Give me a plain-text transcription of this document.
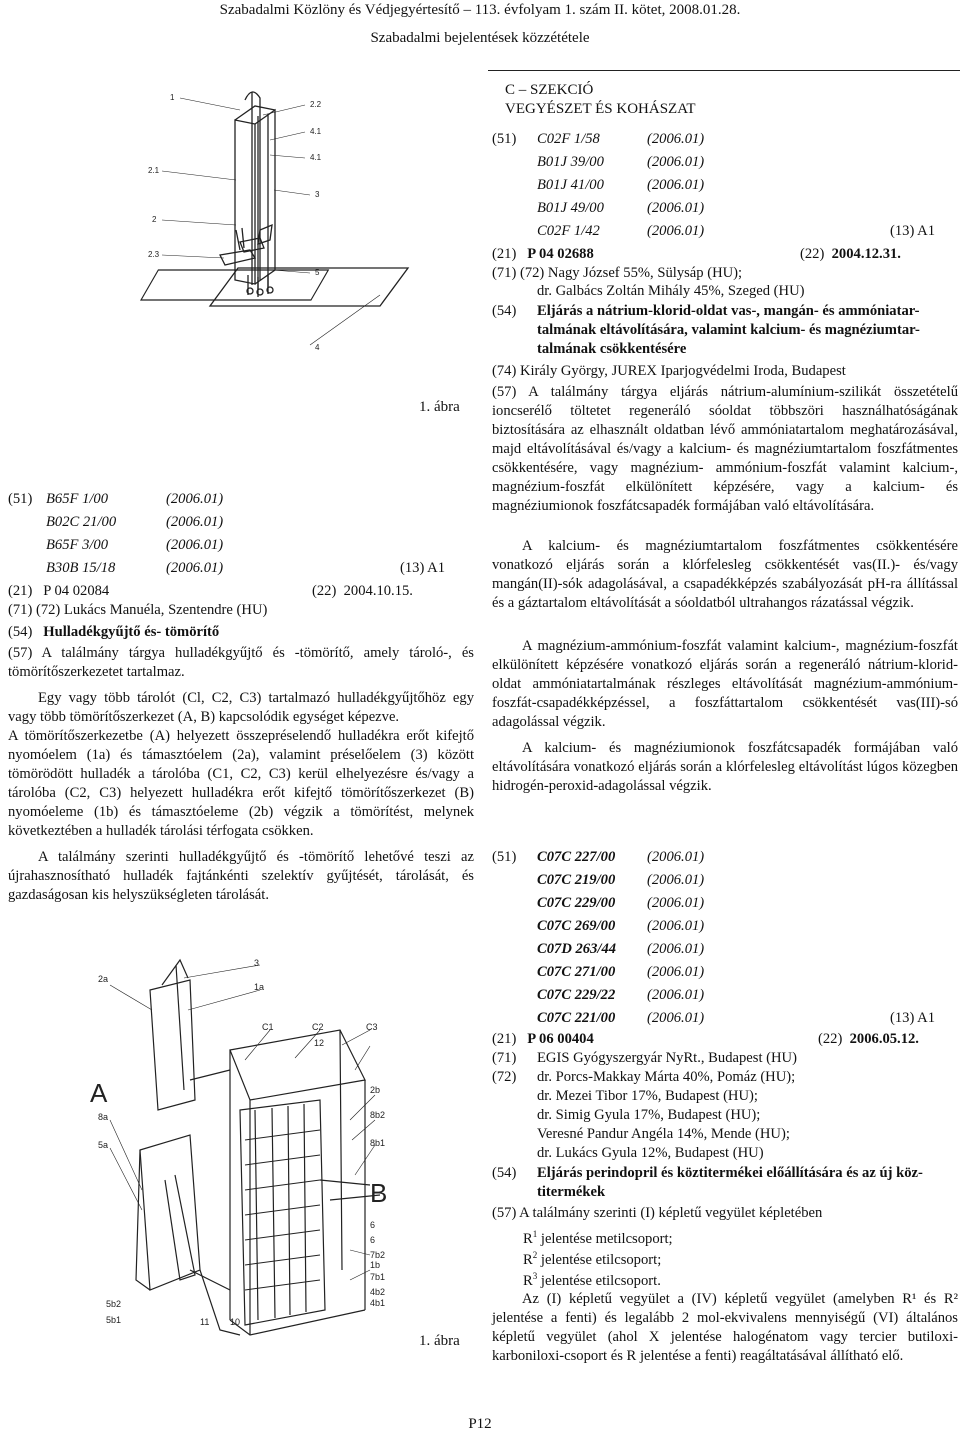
Szabadalmi Közlöny és Védjegyértesítő – 113. évfolyam 1. szám II. kötet, 2008.01.28.
Szabadalmi bejelentések közzététele
1
2.2
4.1
4.1
2.1
3
2
2.3
5
4
1. ábra
(51) B65F 1/00	(2006.01)
B02C 21/00	(2006.01)
B65F 3/00	(2006.01)
B30B 15/18	(2006.01)	(13) A1
(21) P 04 02084	(22) 2004.10.15.
(71) (72) Lukács Manuéla, Szentendre (HU)
(54) Hulladékgyűjtő és- tömörítő
(57) A találmány tárgya hulladékgyűjtő és -tömörítő, amely tároló-, és tömörítőszerkezetet tartalmaz.
Egy vagy több tárolót (Cl, C2, C3) tartalmazó hulladékgyűjtőhöz egy vagy több tömörítőszerkezet (A, B) kapcsolódik egységet képezve.
A tömörítőszerkezetbe (A) helyezett összepréselendő hulladékra erőt kifejtő nyomóelem (1a) és támasztóelem (2a), valamint préselőelem (3) között tömörödött hulladék a tárolóba (C1, C2, C3) kerül elhelyezésre és/vagy a tárolóba (C2, C3) helyezett hulladékra erőt kifejtő tömörítőszerkezet (B) nyomóeleme (1b) és támasztóeleme (2b) végzik a tömörítést, melynek következtében a hulladék tárolási térfogata csökken.
A találmány szerinti hulladékgyűjtő és -tömörítő lehetővé teszi az újrahasznosítható hulladék fajtánkénti szelektív gyűjtését, tárolását, és gazdaságosan kis helyszükségleten tárolását.
3
2a
1a
C1	C2	C3
12
A
8a
5a
2b
8b2
8b1
B
6
6
7b2
1b
7b1
4b2
4b1
5b2
5b1	11 10
1. ábra
C – SZEKCIÓ
VEGYÉSZET ÉS KOHÁSZAT
(51) C02F 1/58	(2006.01)
B01J 39/00	(2006.01)
B01J 41/00	(2006.01)
B01J 49/00	(2006.01)
C02F 1/42	(2006.01)	(13) A1
(21) P 04 02688	(22) 2004.12.31.
(71) (72) Nagy József 55%, Sülysáp (HU);
dr. Galbács Zoltán Mihály 45%, Szeged (HU)
(54) Eljárás a nátrium-klorid-oldat vas-, mangán- és ammóniatar-
talmának eltávolítására, valamint kalcium- és magnéziumtar-
talmának csökkentésére
(74) Király György, JUREX Iparjogvédelmi Iroda, Budapest
(57) A találmány tárgya eljárás nátrium-alumínium-szilikát összetételű ioncserélő töltetet regeneráló sóoldat többszöri használhatóságának biztosítására az elhasznált oldatban lévő ammóniatartalom meghatározásával, majd eltávolításával és/vagy a kalcium- és magnéziumtartalom foszfátmentes csökkentésére, vagy magnézium- ammónium-foszfát valamint kalcium-, magnézium-foszfát elkülönített képzésére, vagy a kalcium- és magnéziumionok foszfátcsapadék formájában való eltávolítására.
A kalcium- és magnéziumtartalom foszfátmentes csökkentésére vonatkozó eljárás során a klórfelesleg csökkentését vas(II.)- és/vagy mangán(II)-sók adagolásával, a csapadékképzés szabályozását pH-ra állítással és a gáztartalom eltávolítását a sóoldatból ultrahangos rázatással végzik.
A magnézium-ammónium-foszfát valamint kalcium-, magnézium-foszfát elkülönített képzésére vonatkozó eljárás során a regeneráló nátrium-klorid-oldat ammóniatartalmának részleges eltávolítását magnézium-ammónium-foszfát-csapadékképzéssel, a foszfáttartalom csökkentését vas(III)-só adagolással végzik.
A kalcium- és magnéziumionok foszfátcsapadék formájában való eltávolítására vonatkozó eljárás során a klórfelesleg eltávolítást lúgos közegben hidrogén-peroxid-adagolással végzik.
(51) C07C 227/00 (2006.01)
C07C 219/00 (2006.01)
C07C 229/00 (2006.01)
C07C 269/00 (2006.01)
C07D 263/44 (2006.01)
C07C 271/00 (2006.01)
C07C 229/22 (2006.01)
C07C 221/00 (2006.01)	(13) A1
(21) P 06 00404	(22) 2006.05.12.
(71) EGIS Gyógyszergyár NyRt., Budapest (HU)
(72) dr. Porcs-Makkay Márta 40%, Pomáz (HU);
dr. Mezei Tibor 17%, Budapest (HU);
dr. Simig Gyula 17%, Budapest (HU);
Veresné Pandur Angéla 14%, Mende (HU);
dr. Lukács Gyula 12%, Budapest (HU)
(54) Eljárás perindopril és köztitermékei előállítására és az új köz-
titermékek
(57) A találmány szerinti (I) képletű vegyület képletében
$R^1$ jelentése metilcsoport;
$R^2$ jelentése etilcsoport;
$R^3$ jelentése etilcsoport.
Az (I) képletű vegyület a (IV) képletű vegyület (amelyben R¹ és R² jelentése a fenti) és legalább 2 mol-ekvivalens mennyiségű (VI) általános képletű vegyület (ahol X jelentése halogénatom vagy tercier butiloxi-karboniloxi-csoport és R jelentése a fenti) reagáltatásával állítható elő.
P12
